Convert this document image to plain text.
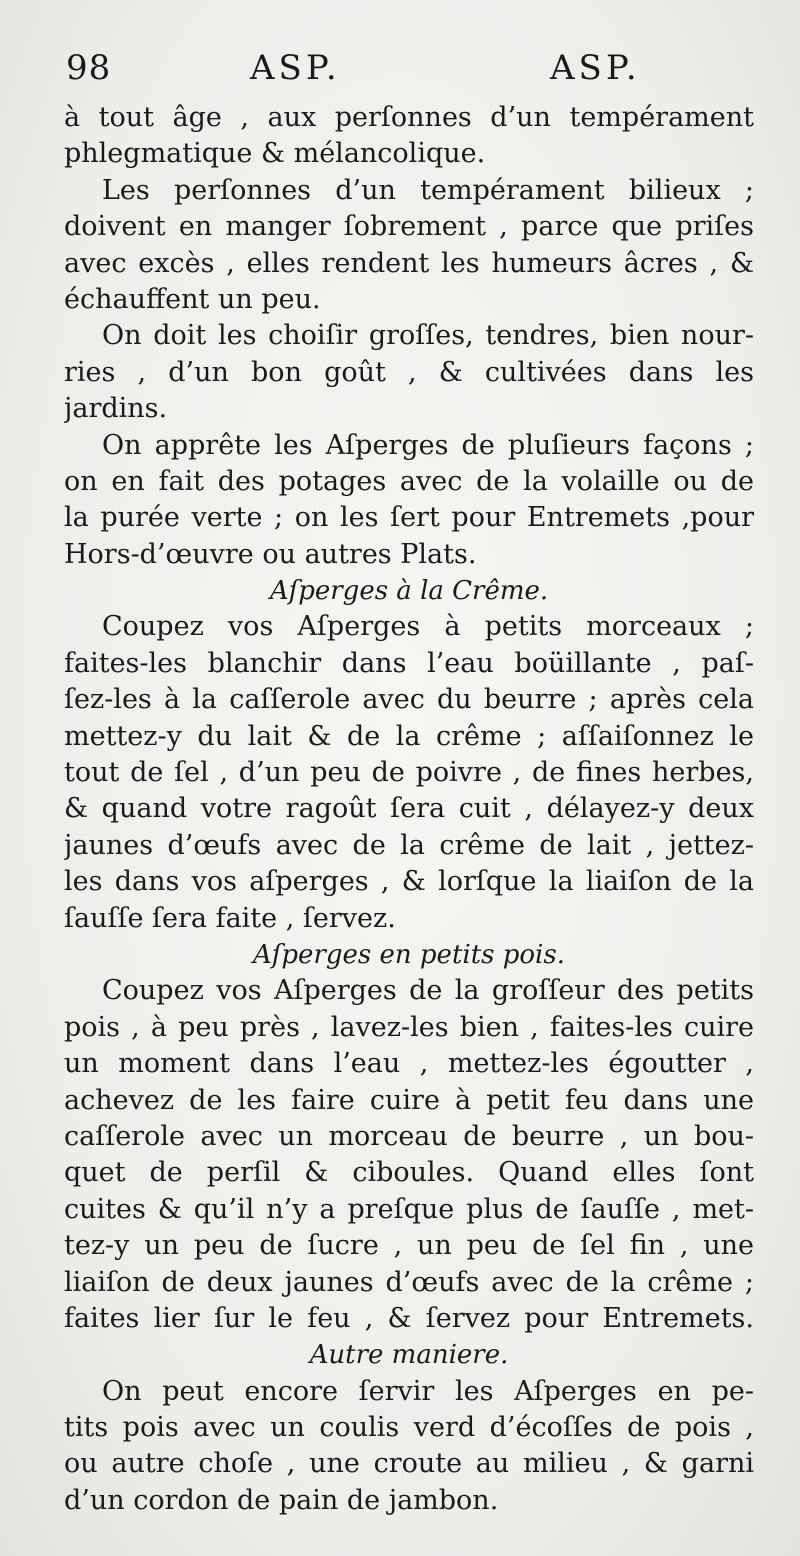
98	ASP.	ASP.
à tout âge , aux perſonnes d’un tempérament
phlegmatique & mélancolique.
Les perſonnes d’un tempérament bilieux ;
doivent en manger ſobrement , parce que priſes
avec excès , elles rendent les humeurs âcres , &
échauffent un peu.
On doit les choiſir groſſes, tendres, bien nour-
ries , d’un bon goût , & cultivées dans les
jardins.
On apprête les Aſperges de pluſieurs façons ;
on en fait des potages avec de la volaille ou de
la purée verte ; on les ſert pour Entremets ,pour
Hors-d’œuvre ou autres Plats.
Aſperges à la Crême.
Coupez vos Aſperges à petits morceaux ;
faites-les blanchir dans l’eau boüillante , paſ-
ſez-les à la caſſerole avec du beurre ; après cela
mettez-y du lait & de la crême ; aſſaiſonnez le
tout de ſel , d’un peu de poivre , de fines herbes,
& quand votre ragoût ſera cuit , délayez-y deux
jaunes d’œufs avec de la crême de lait , jettez-
les dans vos aſperges , & lorſque la liaiſon de la
ſauſſe ſera faite , ſervez.
Aſperges en petits pois.
Coupez vos Aſperges de la groſſeur des petits
pois , à peu près , lavez-les bien , faites-les cuire
un moment dans l’eau , mettez-les égoutter ,
achevez de les faire cuire à petit feu dans une
caſſerole avec un morceau de beurre , un bou-
quet de perſil & ciboules. Quand elles ſont
cuites & qu’il n’y a preſque plus de ſauſſe , met-
tez-y un peu de ſucre , un peu de ſel fin , une
liaiſon de deux jaunes d’œufs avec de la crême ;
faites lier ſur le feu , & ſervez pour Entremets.
Autre maniere.
On peut encore ſervir les Aſperges en pe-
tits pois avec un coulis verd d’écoſſes de pois ,
ou autre choſe , une croute au milieu , & garni
d’un cordon de pain de jambon.
